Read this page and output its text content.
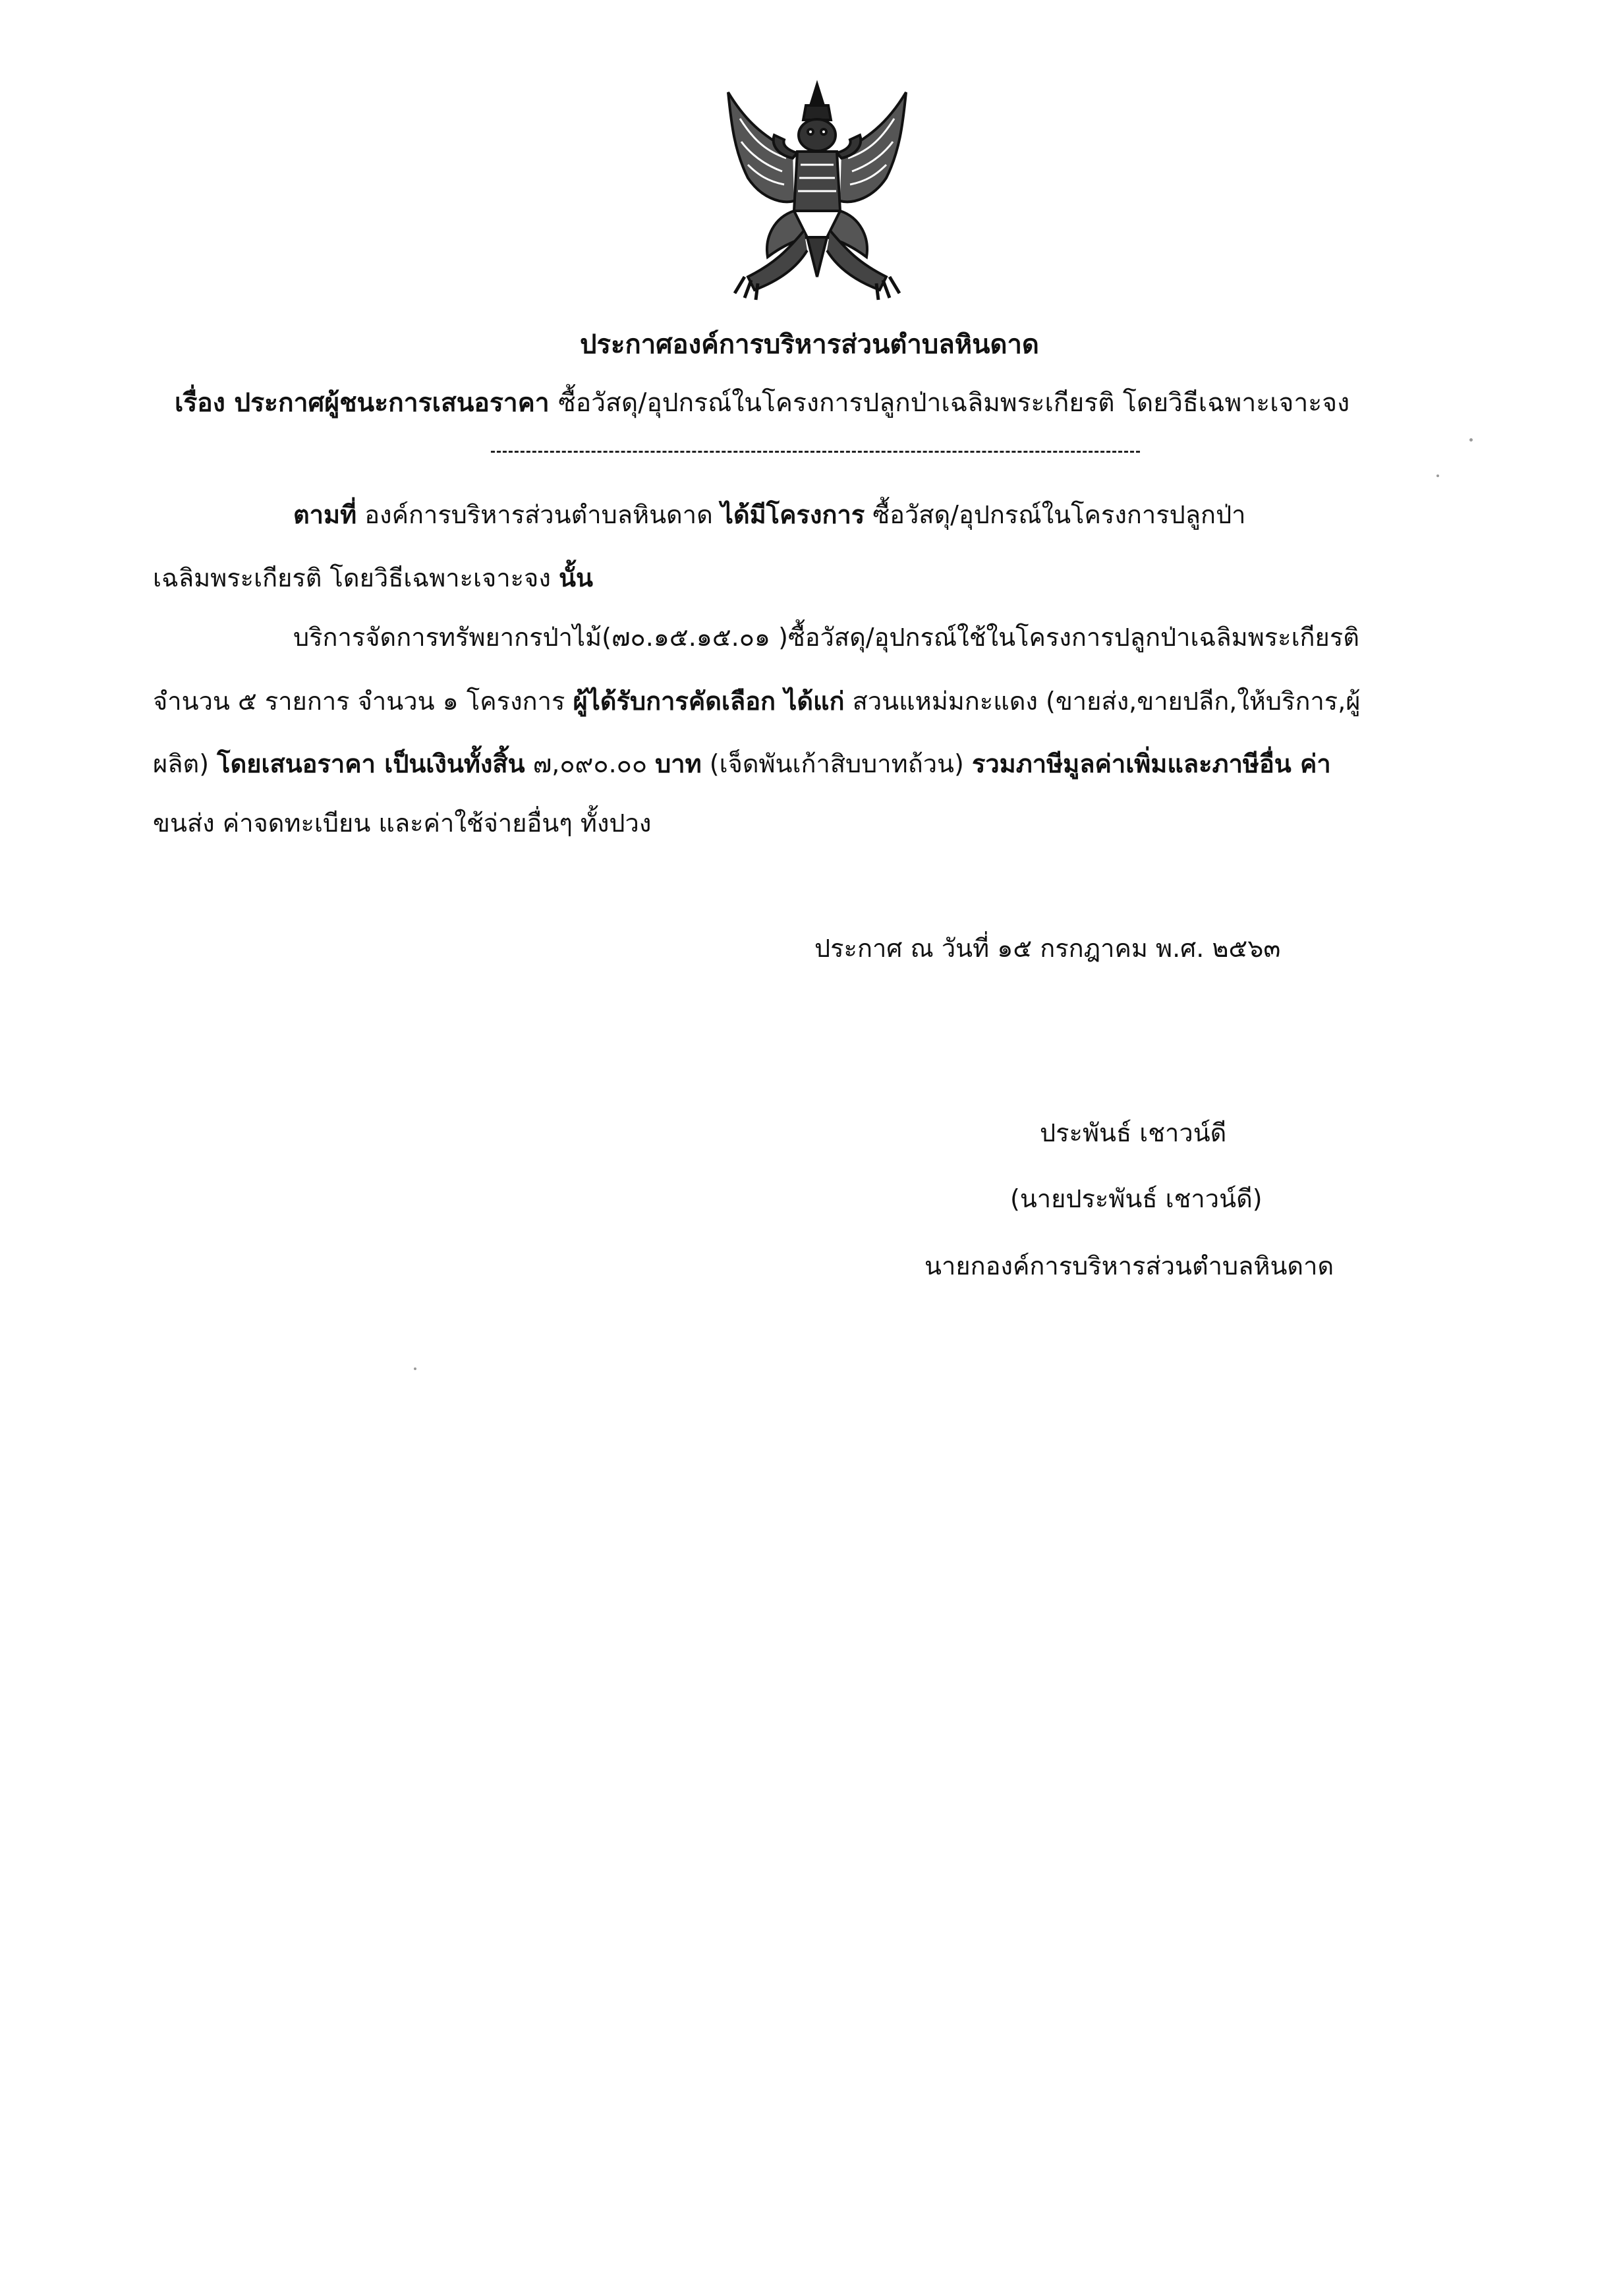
ประกาศองค์การบริหารส่วนตำบลหินดาด
เรื่อง ประกาศผู้ชนะการเสนอราคา ซื้อวัสดุ/อุปกรณ์ในโครงการปลูกป่าเฉลิมพระเกียรติ โดยวิธีเฉพาะเจาะจง
ตามที่ องค์การบริหารส่วนตำบลหินดาด ได้มีโครงการ ซื้อวัสดุ/อุปกรณ์ในโครงการปลูกป่า
เฉลิมพระเกียรติ โดยวิธีเฉพาะเจาะจง นั้น
บริการจัดการทรัพยากรป่าไม้(๗๐.๑๕.๑๕.๐๑ )ซื้อวัสดุ/อุปกรณ์ใช้ในโครงการปลูกป่าเฉลิมพระเกียรติ
จำนวน ๕ รายการ จำนวน ๑ โครงการ ผู้ได้รับการคัดเลือก ได้แก่ สวนแหม่มกะแดง (ขายส่ง,ขายปลีก,ให้บริการ,ผู้
ผลิต) โดยเสนอราคา เป็นเงินทั้งสิ้น ๗,๐๙๐.๐๐ บาท (เจ็ดพันเก้าสิบบาทถ้วน) รวมภาษีมูลค่าเพิ่มและภาษีอื่น ค่า
ขนส่ง ค่าจดทะเบียน และค่าใช้จ่ายอื่นๆ ทั้งปวง
ประกาศ ณ วันที่ ๑๕ กรกฎาคม พ.ศ. ๒๕๖๓
ประพันธ์ เชาวน์ดี
(นายประพันธ์ เชาวน์ดี)
นายกองค์การบริหารส่วนตำบลหินดาด
